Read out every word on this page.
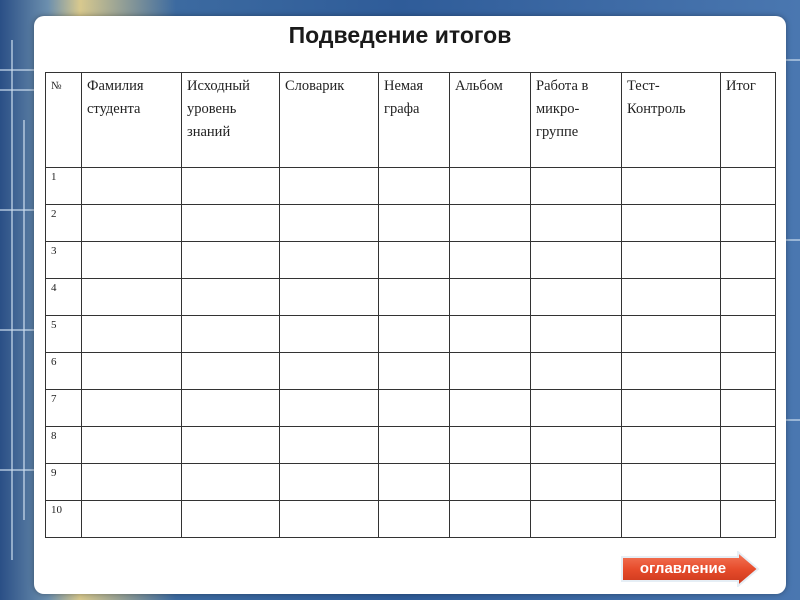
Подведение итогов
№	Фамилия студента	Исходный уровень знаний	Словарик	Немая графа	Альбом	Работа в микро-группе	Тест-Контроль	Итог
1								
2								
3								
4								
5								
6								
7								
8								
9								
10								
оглавление
